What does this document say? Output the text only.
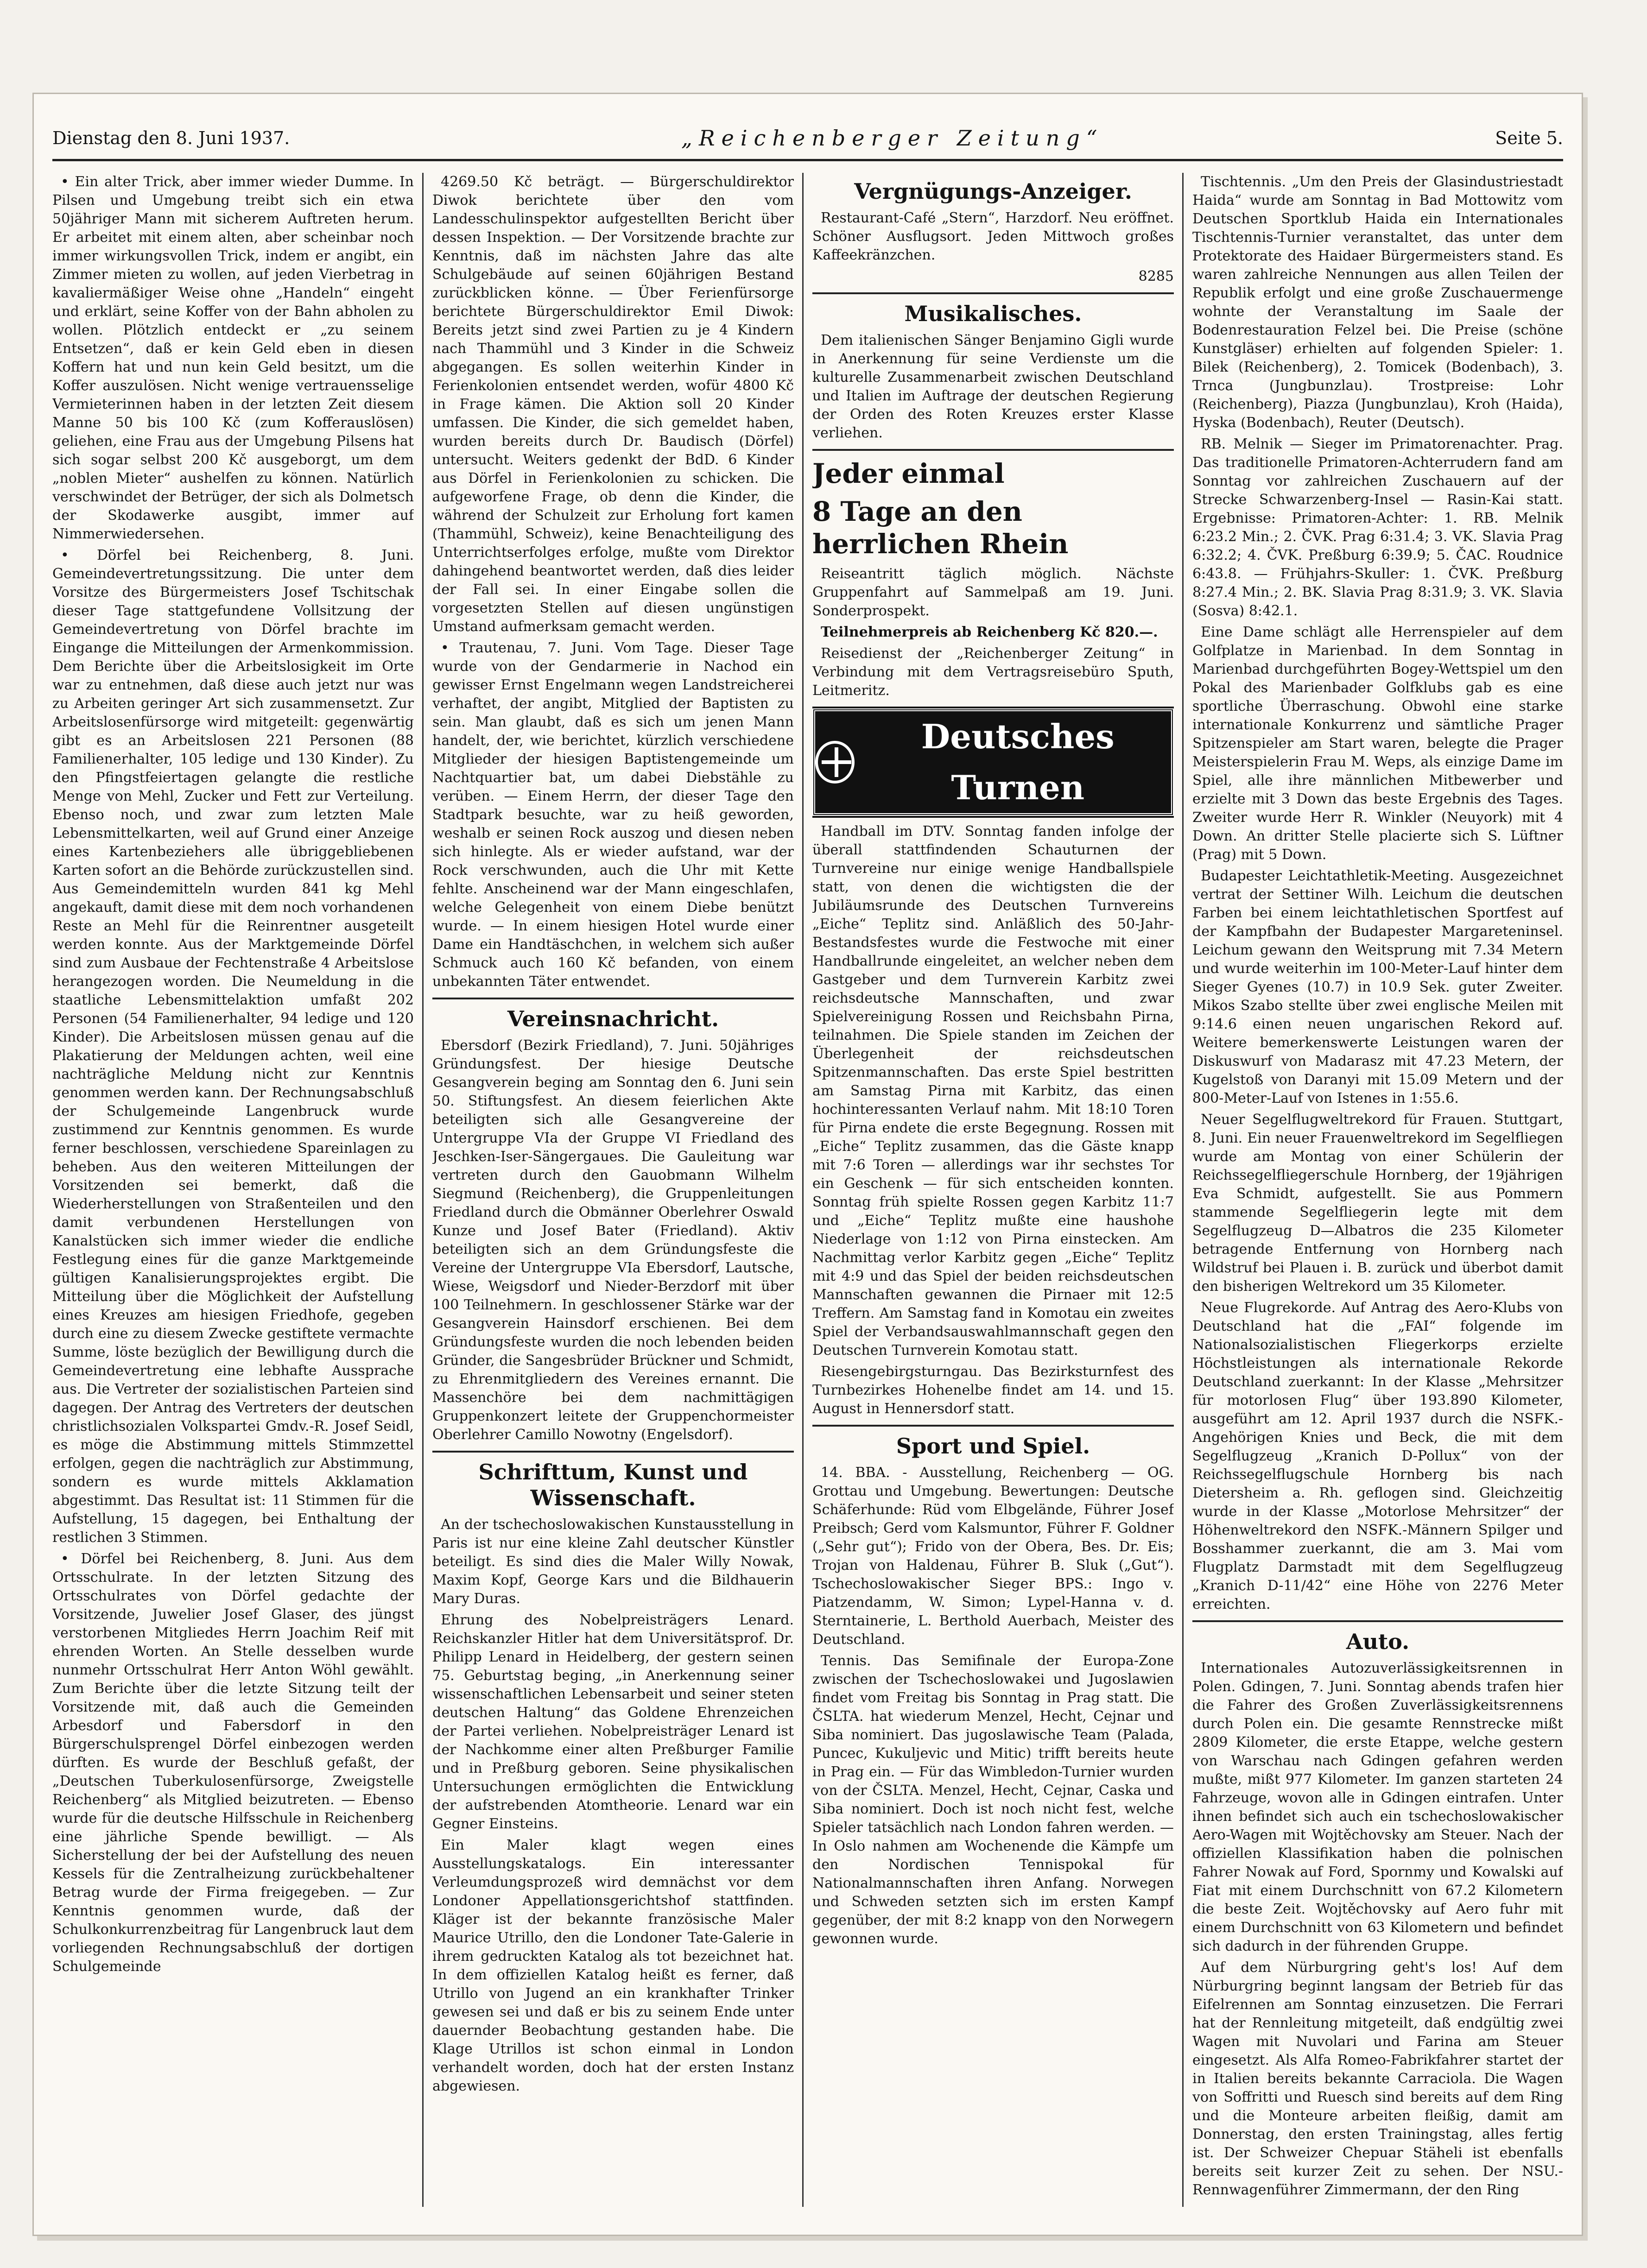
Dienstag den 8. Juni 1937.	„Reichenberger Zeitung“	Seite 5.

• Ein alter Trick, aber immer wieder Dumme. In Pilsen und Umgebung treibt sich ein etwa 50jähriger Mann mit sicherem Auftreten herum. Er arbeitet mit einem alten, aber scheinbar noch immer wirkungsvollen Trick, indem er angibt, ein Zimmer mieten zu wollen, auf jeden Vierbetrag in kavaliermäßiger Weise ohne „Handeln“ eingeht und erklärt, seine Koffer von der Bahn abholen zu wollen. Plötzlich entdeckt er „zu seinem Entsetzen“, daß er kein Geld eben in diesen Koffern hat und nun kein Geld besitzt, um die Koffer auszulösen. Nicht wenige vertrauensselige Vermieterinnen haben in der letzten Zeit diesem Manne 50 bis 100 Kč (zum Kofferauslösen) geliehen, eine Frau aus der Umgebung Pilsens hat sich sogar selbst 200 Kč ausgeborgt, um dem „noblen Mieter“ aushelfen zu können. Natürlich verschwindet der Betrüger, der sich als Dolmetsch der Skodawerke ausgibt, immer auf Nimmerwiedersehen.

• Dörfel bei Reichenberg, 8. Juni. Gemeindevertretungssitzung. Die unter dem Vorsitze des Bürgermeisters Josef Tschitschak dieser Tage stattgefundene Vollsitzung der Gemeindevertretung von Dörfel brachte im Eingange die Mitteilungen der Armenkommission. Dem Berichte über die Arbeitslosigkeit im Orte war zu entnehmen, daß diese auch jetzt nur was zu Arbeiten geringer Art sich zusammensetzt. Zur Arbeitslosenfürsorge wird mitgeteilt: gegenwärtig gibt es an Arbeitslosen 221 Personen (88 Familienerhalter, 105 ledige und 130 Kinder). Zu den Pfingstfeiertagen gelangte die restliche Menge von Mehl, Zucker und Fett zur Verteilung. Ebenso noch, und zwar zum letzten Male Lebensmittelkarten, weil auf Grund einer Anzeige eines Kartenbeziehers alle übriggebliebenen Karten sofort an die Behörde zurückzustellen sind. Aus Gemeindemitteln wurden 841 kg Mehl angekauft, damit diese mit dem noch vorhandenen Reste an Mehl für die Reinrentner ausgeteilt werden konnte. Aus der Marktgemeinde Dörfel sind zum Ausbaue der Fechtenstraße 4 Arbeitslose herangezogen worden. Die Neumeldung in die staatliche Lebensmittelaktion umfaßt 202 Personen (54 Familienerhalter, 94 ledige und 120 Kinder). Die Arbeitslosen müssen genau auf die Plakatierung der Meldungen achten, weil eine nachträgliche Meldung nicht zur Kenntnis genommen werden kann. Der Rechnungsabschluß der Schulgemeinde Langenbruck wurde zustimmend zur Kenntnis genommen. Es wurde ferner beschlossen, verschiedene Spareinlagen zu beheben. Aus den weiteren Mitteilungen der Vorsitzenden sei bemerkt, daß die Wiederherstellungen von Straßenteilen und den damit verbundenen Herstellungen von Kanalstücken sich immer wieder die endliche Festlegung eines für die ganze Marktgemeinde gültigen Kanalisierungsprojektes ergibt. Die Mitteilung über die Möglichkeit der Aufstellung eines Kreuzes am hiesigen Friedhofe, gegeben durch eine zu diesem Zwecke gestiftete vermachte Summe, löste bezüglich der Bewilligung durch die Gemeindevertretung eine lebhafte Aussprache aus. Die Vertreter der sozialistischen Parteien sind dagegen. Der Antrag des Vertreters der deutschen christlichsozialen Volkspartei Gmdv.-R. Josef Seidl, es möge die Abstimmung mittels Stimmzettel erfolgen, gegen die nachträglich zur Abstimmung, sondern es wurde mittels Akklamation abgestimmt. Das Resultat ist: 11 Stimmen für die Aufstellung, 15 dagegen, bei Enthaltung der restlichen 3 Stimmen.

• Dörfel bei Reichenberg, 8. Juni. Aus dem Ortsschulrate. In der letzten Sitzung des Ortsschulrates von Dörfel gedachte der Vorsitzende, Juwelier Josef Glaser, des jüngst verstorbenen Mitgliedes Herrn Joachim Reif mit ehrenden Worten. An Stelle desselben wurde nunmehr Ortsschulrat Herr Anton Wöhl gewählt. Zum Berichte über die letzte Sitzung teilt der Vorsitzende mit, daß auch die Gemeinden Arbesdorf und Fabersdorf in den Bürgerschulsprengel Dörfel einbezogen werden dürften. Es wurde der Beschluß gefaßt, der „Deutschen Tuberkulosenfürsorge, Zweigstelle Reichenberg“ als Mitglied beizutreten. — Ebenso wurde für die deutsche Hilfsschule in Reichenberg eine jährliche Spende bewilligt. — Als Sicherstellung der bei der Aufstellung des neuen Kessels für die Zentralheizung zurückbehaltener Betrag wurde der Firma freigegeben. — Zur Kenntnis genommen wurde, daß der Schulkonkurrenzbeitrag für Langenbruck laut dem vorliegenden Rechnungsabschluß der dortigen Schulgemeinde

4269.50 Kč beträgt. — Bürgerschuldirektor Diwok berichtete über den vom Landesschulinspektor aufgestellten Bericht über dessen Inspektion. — Der Vorsitzende brachte zur Kenntnis, daß im nächsten Jahre das alte Schulgebäude auf seinen 60jährigen Bestand zurückblicken könne. — Über Ferienfürsorge berichtete Bürgerschuldirektor Emil Diwok: Bereits jetzt sind zwei Partien zu je 4 Kindern nach Thammühl und 3 Kinder in die Schweiz abgegangen. Es sollen weiterhin Kinder in Ferienkolonien entsendet werden, wofür 4800 Kč in Frage kämen. Die Aktion soll 20 Kinder umfassen. Die Kinder, die sich gemeldet haben, wurden bereits durch Dr. Baudisch (Dörfel) untersucht. Weiters gedenkt der BdD. 6 Kinder aus Dörfel in Ferienkolonien zu schicken. Die aufgeworfene Frage, ob denn die Kinder, die während der Schulzeit zur Erholung fort kamen (Thammühl, Schweiz), keine Benachteiligung des Unterrichtserfolges erfolge, mußte vom Direktor dahingehend beantwortet werden, daß dies leider der Fall sei. In einer Eingabe sollen die vorgesetzten Stellen auf diesen ungünstigen Umstand aufmerksam gemacht werden.

• Trautenau, 7. Juni. Vom Tage. Dieser Tage wurde von der Gendarmerie in Nachod ein gewisser Ernst Engelmann wegen Landstreicherei verhaftet, der angibt, Mitglied der Baptisten zu sein. Man glaubt, daß es sich um jenen Mann handelt, der, wie berichtet, kürzlich verschiedene Mitglieder der hiesigen Baptistengemeinde um Nachtquartier bat, um dabei Diebstähle zu verüben. — Einem Herrn, der dieser Tage den Stadtpark besuchte, war zu heiß geworden, weshalb er seinen Rock auszog und diesen neben sich hinlegte. Als er wieder aufstand, war der Rock verschwunden, auch die Uhr mit Kette fehlte. Anscheinend war der Mann eingeschlafen, welche Gelegenheit von einem Diebe benützt wurde. — In einem hiesigen Hotel wurde einer Dame ein Handtäschchen, in welchem sich außer Schmuck auch 160 Kč befanden, von einem unbekannten Täter entwendet.

Vereinsnachricht.

Ebersdorf (Bezirk Friedland), 7. Juni. 50jähriges Gründungsfest. Der hiesige Deutsche Gesangverein beging am Sonntag den 6. Juni sein 50. Stiftungsfest. An diesem feierlichen Akte beteiligten sich alle Gesangvereine der Untergruppe VIa der Gruppe VI Friedland des Jeschken-Iser-Sängergaues. Die Gauleitung war vertreten durch den Gauobmann Wilhelm Siegmund (Reichenberg), die Gruppenleitungen Friedland durch die Obmänner Oberlehrer Oswald Kunze und Josef Bater (Friedland). Aktiv beteiligten sich an dem Gründungsfeste die Vereine der Untergruppe VIa Ebersdorf, Lautsche, Wiese, Weigsdorf und Nieder-Berzdorf mit über 100 Teilnehmern. In geschlossener Stärke war der Gesangverein Hainsdorf erschienen. Bei dem Gründungsfeste wurden die noch lebenden beiden Gründer, die Sangesbrüder Brückner und Schmidt, zu Ehrenmitgliedern des Vereines ernannt. Die Massenchöre bei dem nachmittägigen Gruppenkonzert leitete der Gruppenchormeister Oberlehrer Camillo Nowotny (Engelsdorf).

Schrifttum, Kunst und Wissenschaft.

An der tschechoslowakischen Kunstausstellung in Paris ist nur eine kleine Zahl deutscher Künstler beteiligt. Es sind dies die Maler Willy Nowak, Maxim Kopf, George Kars und die Bildhauerin Mary Duras.

Ehrung des Nobelpreisträgers Lenard. Reichskanzler Hitler hat dem Universitätsprof. Dr. Philipp Lenard in Heidelberg, der gestern seinen 75. Geburtstag beging, „in Anerkennung seiner wissenschaftlichen Lebensarbeit und seiner steten deutschen Haltung“ das Goldene Ehrenzeichen der Partei verliehen. Nobelpreisträger Lenard ist der Nachkomme einer alten Preßburger Familie und in Preßburg geboren. Seine physikalischen Untersuchungen ermöglichten die Entwicklung der aufstrebenden Atomtheorie. Lenard war ein Gegner Einsteins.

Ein Maler klagt wegen eines Ausstellungskatalogs. Ein interessanter Verleumdungsprozeß wird demnächst vor dem Londoner Appellationsgerichtshof stattfinden. Kläger ist der bekannte französische Maler Maurice Utrillo, den die Londoner Tate-Galerie in ihrem gedruckten Katalog als tot bezeichnet hat. In dem offiziellen Katalog heißt es ferner, daß Utrillo von Jugend an ein krankhafter Trinker gewesen sei und daß er bis zu seinem Ende unter dauernder Beobachtung gestanden habe. Die Klage Utrillos ist schon einmal in London verhandelt worden, doch hat der ersten Instanz abgewiesen.

Vergnügungs-Anzeiger.

Restaurant-Café „Stern“, Harzdorf. Neu eröffnet. Schöner Ausflugsort. Jeden Mittwoch großes Kaffeekränzchen.

8285

Musikalisches.

Dem italienischen Sänger Benjamino Gigli wurde in Anerkennung für seine Verdienste um die kulturelle Zusammenarbeit zwischen Deutschland und Italien im Auftrage der deutschen Regierung der Orden des Roten Kreuzes erster Klasse verliehen.

Jeder einmal
8 Tage an den herrlichen Rhein

Reiseantritt täglich möglich. Nächste Gruppenfahrt auf Sammelpaß am 19. Juni. Sonderprospekt.

Teilnehmerpreis ab Reichenberg Kč 820.—.

Reisedienst der „Reichenberger Zeitung“ in Verbindung mit dem Vertragsreisebüro Sputh, Leitmeritz.

Deutsches Turnen

Handball im DTV. Sonntag fanden infolge der überall stattfindenden Schauturnen der Turnvereine nur einige wenige Handballspiele statt, von denen die wichtigsten die der Jubiläumsrunde des Deutschen Turnvereins „Eiche“ Teplitz sind. Anläßlich des 50-Jahr-Bestandsfestes wurde die Festwoche mit einer Handballrunde eingeleitet, an welcher neben dem Gastgeber und dem Turnverein Karbitz zwei reichsdeutsche Mannschaften, und zwar Spielvereinigung Rossen und Reichsbahn Pirna, teilnahmen. Die Spiele standen im Zeichen der Überlegenheit der reichsdeutschen Spitzenmannschaften. Das erste Spiel bestritten am Samstag Pirna mit Karbitz, das einen hochinteressanten Verlauf nahm. Mit 18:10 Toren für Pirna endete die erste Begegnung. Rossen mit „Eiche“ Teplitz zusammen, das die Gäste knapp mit 7:6 Toren — allerdings war ihr sechstes Tor ein Geschenk — für sich entscheiden konnten. Sonntag früh spielte Rossen gegen Karbitz 11:7 und „Eiche“ Teplitz mußte eine haushohe Niederlage von 1:12 von Pirna einstecken. Am Nachmittag verlor Karbitz gegen „Eiche“ Teplitz mit 4:9 und das Spiel der beiden reichsdeutschen Mannschaften gewannen die Pirnaer mit 12:5 Treffern. Am Samstag fand in Komotau ein zweites Spiel der Verbandsauswahlmannschaft gegen den Deutschen Turnverein Komotau statt.

Riesengebirgsturngau. Das Bezirksturnfest des Turnbezirkes Hohenelbe findet am 14. und 15. August in Hennersdorf statt.

Sport und Spiel.

14. BBA. - Ausstellung, Reichenberg — OG. Grottau und Umgebung. Bewertungen: Deutsche Schäferhunde: Rüd vom Elbgelände, Führer Josef Preibsch; Gerd vom Kalsmuntor, Führer F. Goldner („Sehr gut“); Frido von der Obera, Bes. Dr. Eis; Trojan von Haldenau, Führer B. Sluk („Gut“). Tschechoslowakischer Sieger BPS.: Ingo v. Piatzendamm, W. Simon; Lypel-Hanna v. d. Sterntainerie, L. Berthold Auerbach, Meister des Deutschland.

Tennis. Das Semifinale der Europa-Zone zwischen der Tschechoslowakei und Jugoslawien findet vom Freitag bis Sonntag in Prag statt. Die ČSLTA. hat wiederum Menzel, Hecht, Cejnar und Siba nominiert. Das jugoslawische Team (Palada, Puncec, Kukuljevic und Mitic) trifft bereits heute in Prag ein. — Für das Wimbledon-Turnier wurden von der ČSLTA. Menzel, Hecht, Cejnar, Caska und Siba nominiert. Doch ist noch nicht fest, welche Spieler tatsächlich nach London fahren werden. — In Oslo nahmen am Wochenende die Kämpfe um den Nordischen Tennispokal für Nationalmannschaften ihren Anfang. Norwegen und Schweden setzten sich im ersten Kampf gegenüber, der mit 8:2 knapp von den Norwegern gewonnen wurde.

Tischtennis. „Um den Preis der Glasindustriestadt Haida“ wurde am Sonntag in Bad Mottowitz vom Deutschen Sportklub Haida ein Internationales Tischtennis-Turnier veranstaltet, das unter dem Protektorate des Haidaer Bürgermeisters stand. Es waren zahlreiche Nennungen aus allen Teilen der Republik erfolgt und eine große Zuschauermenge wohnte der Veranstaltung im Saale der Bodenrestauration Felzel bei. Die Preise (schöne Kunstgläser) erhielten auf folgenden Spieler: 1. Bilek (Reichenberg), 2. Tomicek (Bodenbach), 3. Trnca (Jungbunzlau). Trostpreise: Lohr (Reichenberg), Piazza (Jungbunzlau), Kroh (Haida), Hyska (Bodenbach), Reuter (Deutsch).

RB. Melnik — Sieger im Primatorenachter. Prag. Das traditionelle Primatoren-Achterrudern fand am Sonntag vor zahlreichen Zuschauern auf der Strecke Schwarzenberg-Insel — Rasin-Kai statt. Ergebnisse: Primatoren-Achter: 1. RB. Melnik 6:23.2 Min.; 2. ČVK. Prag 6:31.4; 3. VK. Slavia Prag 6:32.2; 4. ČVK. Preßburg 6:39.9; 5. ČAC. Roudnice 6:43.8. — Frühjahrs-Skuller: 1. ČVK. Preßburg 8:27.4 Min.; 2. BK. Slavia Prag 8:31.9; 3. VK. Slavia (Sosva) 8:42.1.

Eine Dame schlägt alle Herrenspieler auf dem Golfplatze in Marienbad. In dem Sonntag in Marienbad durchgeführten Bogey-Wettspiel um den Pokal des Marienbader Golfklubs gab es eine sportliche Überraschung. Obwohl eine starke internationale Konkurrenz und sämtliche Prager Spitzenspieler am Start waren, belegte die Prager Meisterspielerin Frau M. Weps, als einzige Dame im Spiel, alle ihre männlichen Mitbewerber und erzielte mit 3 Down das beste Ergebnis des Tages. Zweiter wurde Herr R. Winkler (Neuyork) mit 4 Down. An dritter Stelle placierte sich S. Lüftner (Prag) mit 5 Down.

Budapester Leichtathletik-Meeting. Ausgezeichnet vertrat der Settiner Wilh. Leichum die deutschen Farben bei einem leichtathletischen Sportfest auf der Kampfbahn der Budapester Margareteninsel. Leichum gewann den Weitsprung mit 7.34 Metern und wurde weiterhin im 100-Meter-Lauf hinter dem Sieger Gyenes (10.7) in 10.9 Sek. guter Zweiter. Mikos Szabo stellte über zwei englische Meilen mit 9:14.6 einen neuen ungarischen Rekord auf. Weitere bemerkenswerte Leistungen waren der Diskuswurf von Madarasz mit 47.23 Metern, der Kugelstoß von Daranyi mit 15.09 Metern und der 800-Meter-Lauf von Istenes in 1:55.6.

Neuer Segelflugweltrekord für Frauen. Stuttgart, 8. Juni. Ein neuer Frauenweltrekord im Segelfliegen wurde am Montag von einer Schülerin der Reichssegelfliegerschule Hornberg, der 19jährigen Eva Schmidt, aufgestellt. Sie aus Pommern stammende Segelfliegerin legte mit dem Segelflugzeug D—Albatros die 235 Kilometer betragende Entfernung von Hornberg nach Wildstruf bei Plauen i. B. zurück und überbot damit den bisherigen Weltrekord um 35 Kilometer.

Neue Flugrekorde. Auf Antrag des Aero-Klubs von Deutschland hat die „FAI“ folgende im Nationalsozialistischen Fliegerkorps erzielte Höchstleistungen als internationale Rekorde Deutschland zuerkannt: In der Klasse „Mehrsitzer für motorlosen Flug“ über 193.890 Kilometer, ausgeführt am 12. April 1937 durch die NSFK.-Angehörigen Knies und Beck, die mit dem Segelflugzeug „Kranich D-Pollux“ von der Reichssegelflugschule Hornberg bis nach Dietersheim a. Rh. geflogen sind. Gleichzeitig wurde in der Klasse „Motorlose Mehrsitzer“ der Höhenweltrekord den NSFK.-Männern Spilger und Bosshammer zuerkannt, die am 3. Mai vom Flugplatz Darmstadt mit dem Segelflugzeug „Kranich D-11/42“ eine Höhe von 2276 Meter erreichten.

Auto.

Internationales Autozuverlässigkeitsrennen in Polen. Gdingen, 7. Juni. Sonntag abends trafen hier die Fahrer des Großen Zuverlässigkeitsrennens durch Polen ein. Die gesamte Rennstrecke mißt 2809 Kilometer, die erste Etappe, welche gestern von Warschau nach Gdingen gefahren werden mußte, mißt 977 Kilometer. Im ganzen starteten 24 Fahrzeuge, wovon alle in Gdingen eintrafen. Unter ihnen befindet sich auch ein tschechoslowakischer Aero-Wagen mit Wojtěchovsky am Steuer. Nach der offiziellen Klassifikation haben die polnischen Fahrer Nowak auf Ford, Spornmy und Kowalski auf Fiat mit einem Durchschnitt von 67.2 Kilometern die beste Zeit. Wojtěchovsky auf Aero fuhr mit einem Durchschnitt von 63 Kilometern und befindet sich dadurch in der führenden Gruppe.

Auf dem Nürburgring geht's los! Auf dem Nürburgring beginnt langsam der Betrieb für das Eifelrennen am Sonntag einzusetzen. Die Ferrari hat der Rennleitung mitgeteilt, daß endgültig zwei Wagen mit Nuvolari und Farina am Steuer eingesetzt. Als Alfa Romeo-Fabrikfahrer startet der in Italien bereits bekannte Carraciola. Die Wagen von Soffritti und Ruesch sind bereits auf dem Ring und die Monteure arbeiten fleißig, damit am Donnerstag, den ersten Trainingstag, alles fertig ist. Der Schweizer Chepuar Stäheli ist ebenfalls bereits seit kurzer Zeit zu sehen. Der NSU.-Rennwagenführer Zimmermann, der den Ring
